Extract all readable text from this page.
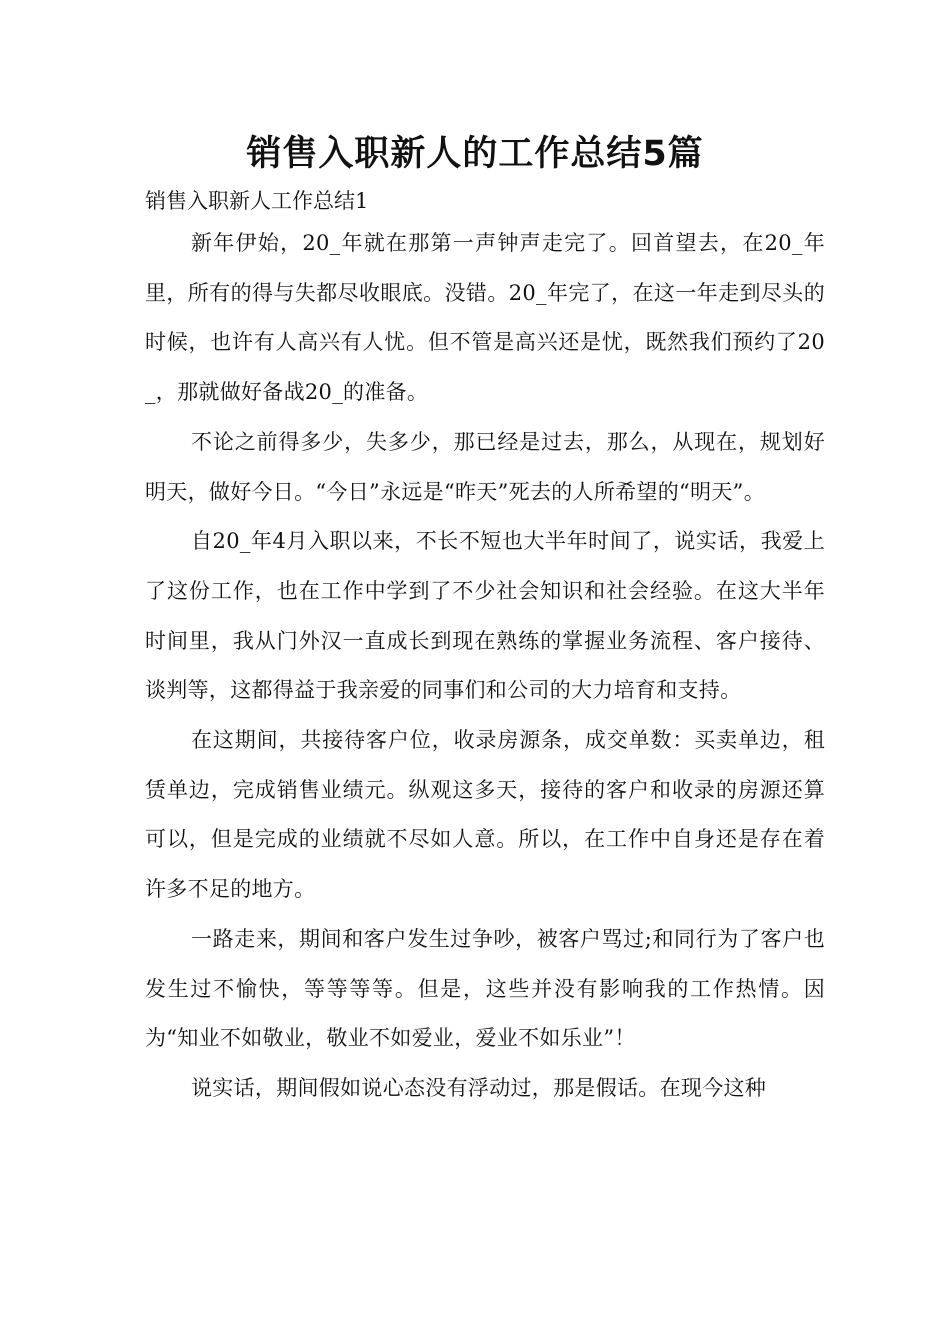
销售入职新人的工作总结5篇

销售入职新人工作总结1

新年伊始，20_年就在那第一声钟声走完了。回首望去，在20_年里，所有的得与失都尽收眼底。没错。20_年完了，在这一年走到尽头的时候，也许有人高兴有人忧。但不管是高兴还是忧，既然我们预约了20_，那就做好备战20_的准备。

不论之前得多少，失多少，那已经是过去，那么，从现在，规划好明天，做好今日。“今日”永远是“昨天”死去的人所希望的“明天”。

自20_年4月入职以来，不长不短也大半年时间了，说实话，我爱上了这份工作，也在工作中学到了不少社会知识和社会经验。在这大半年时间里，我从门外汉一直成长到现在熟练的掌握业务流程、客户接待、谈判等，这都得益于我亲爱的同事们和公司的大力培育和支持。

在这期间，共接待客户位，收录房源条，成交单数：买卖单边，租赁单边，完成销售业绩元。纵观这多天，接待的客户和收录的房源还算可以，但是完成的业绩就不尽如人意。所以，在工作中自身还是存在着许多不足的地方。

一路走来，期间和客户发生过争吵，被客户骂过;和同行为了客户也发生过不愉快，等等等等。但是，这些并没有影响我的工作热情。因为“知业不如敬业，敬业不如爱业，爱业不如乐业”！

说实话，期间假如说心态没有浮动过，那是假话。在现今这种
